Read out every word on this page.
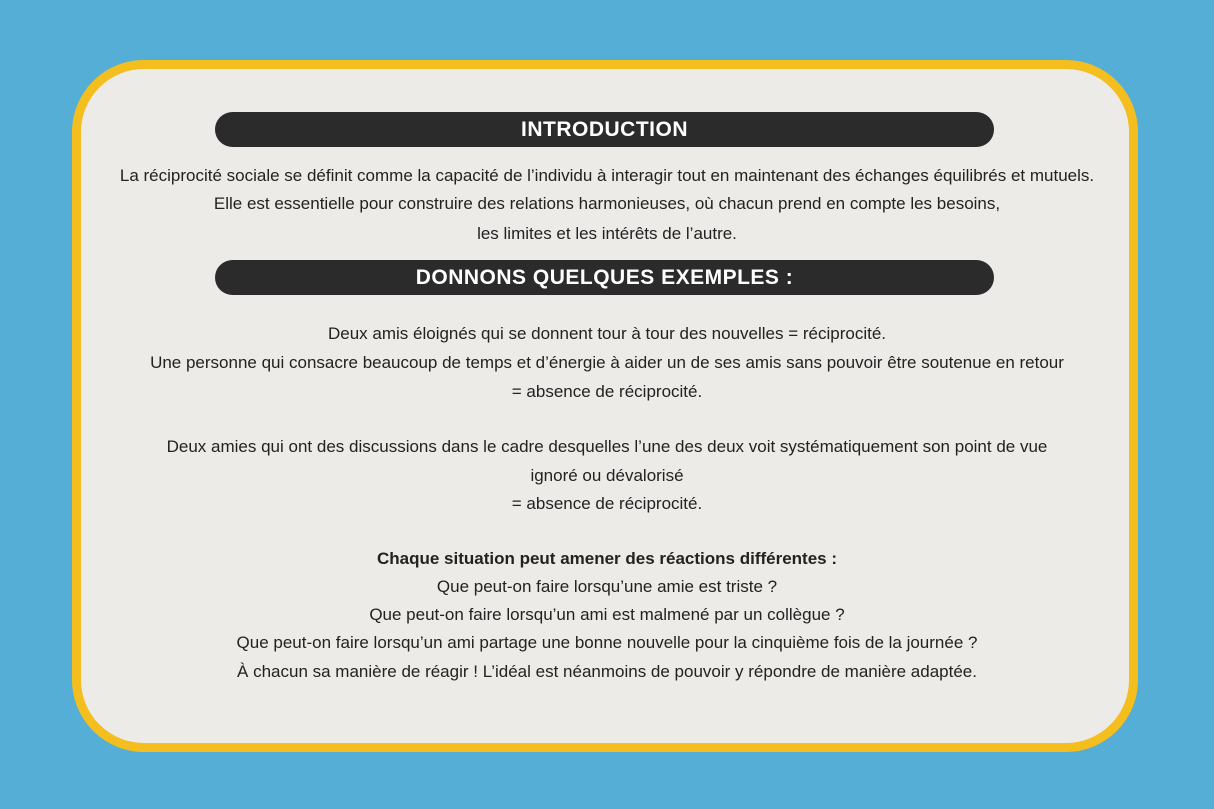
INTRODUCTION
La réciprocité sociale se définit comme la capacité de l’individu à interagir tout en maintenant des échanges équilibrés et mutuels.
Elle est essentielle pour construire des relations harmonieuses, où chacun prend en compte les besoins,
les limites et les intérêts de l’autre.
DONNONS QUELQUES EXEMPLES :
Deux amis éloignés qui se donnent tour à tour des nouvelles = réciprocité.
Une personne qui consacre beaucoup de temps et d’énergie à aider un de ses amis sans pouvoir être soutenue en retour
= absence de réciprocité.
Deux amies qui ont des discussions dans le cadre desquelles l’une des deux voit systématiquement son point de vue
ignoré ou dévalorisé
= absence de réciprocité.
Chaque situation peut amener des réactions différentes :
Que peut-on faire lorsqu’une amie est triste ?
Que peut-on faire lorsqu’un ami est malmené par un collègue ?
Que peut-on faire lorsqu’un ami partage une bonne nouvelle pour la cinquième fois de la journée ?
À chacun sa manière de réagir ! L’idéal est néanmoins de pouvoir y répondre de manière adaptée.
